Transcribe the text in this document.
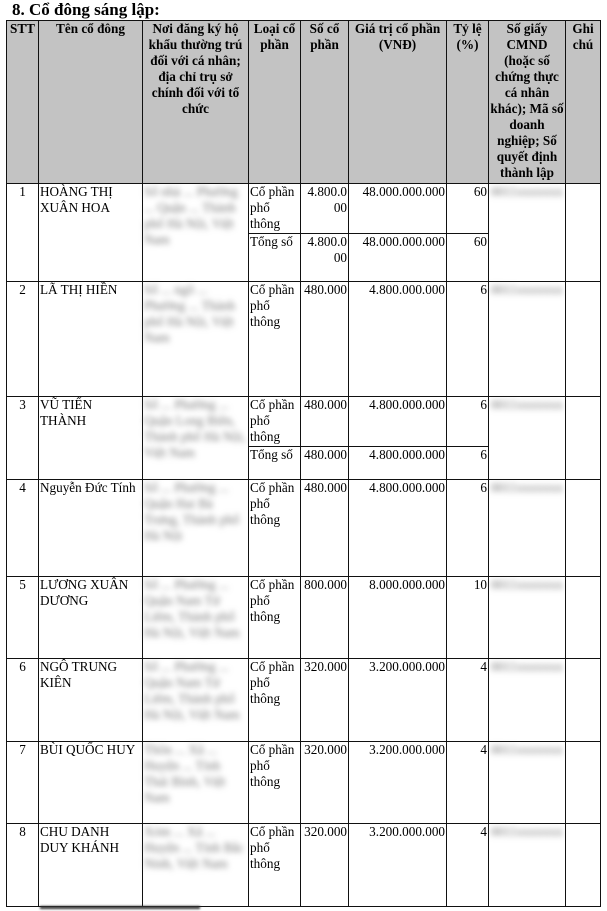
8. Cổ đông sáng lập:
STT	Tên cổ đông	Nơi đăng ký hộ khẩu thường trú đối với cá nhân; địa chỉ trụ sở chính đối với tổ chức	Loại cổ phần	Số cổ phần	Giá trị cổ phần (VNĐ)	Tỷ lệ (%)	Số giấy CMND (hoặc số chứng thực cá nhân khác); Mã số doanh nghiệp; Số quyết định thành lập	Ghi chú
1	HOÀNG THỊ XUÂN HOA	Số nhà ... Phường ... Quận ... Thành phố Hà Nội, Việt Nam	Cổ phần phổ thông	4.800.000	48.000.000.000	60	0011xxxxxxx	
			Tổng số	4.800.000	48.000.000.000	60		
2	LÃ THỊ HIỀN	Số ... ngõ ... Phường ... Thành phố Hà Nội, Việt Nam	Cổ phần phổ thông	480.000	4.800.000.000	6	0011xxxxxxx	
3	VŨ TIẾN THÀNH	Số ... Phường ... Quận Long Biên, Thành phố Hà Nội, Việt Nam	Cổ phần phổ thông	480.000	4.800.000.000	6	0011xxxxxxx	
			Tổng số	480.000	4.800.000.000	6		
4	Nguyễn Đức Tính	Số ... Phường ... Quận Hai Bà Trưng, Thành phố Hà Nội	Cổ phần phổ thông	480.000	4.800.000.000	6	0011xxxxxxx	
5	LƯƠNG XUÂN DƯƠNG	Số ... Phường ... Quận Nam Từ Liêm, Thành phố Hà Nội, Việt Nam	Cổ phần phổ thông	800.000	8.000.000.000	10	0011xxxxxxx	
6	NGÔ TRUNG KIÊN	Số ... Phường ... Quận Nam Từ Liêm, Thành phố Hà Nội, Việt Nam	Cổ phần phổ thông	320.000	3.200.000.000	4	0011xxxxxxx	
7	BÙI QUỐC HUY	Thôn ... Xã ... Huyện ... Tỉnh Thái Bình, Việt Nam	Cổ phần phổ thông	320.000	3.200.000.000	4	0011xxxxxxx	
8	CHU DANH DUY KHÁNH	Xóm ... Xã ... Huyện ... Tỉnh Bắc Ninh, Việt Nam	Cổ phần phổ thông	320.000	3.200.000.000	4	0011xxxxxxx	
